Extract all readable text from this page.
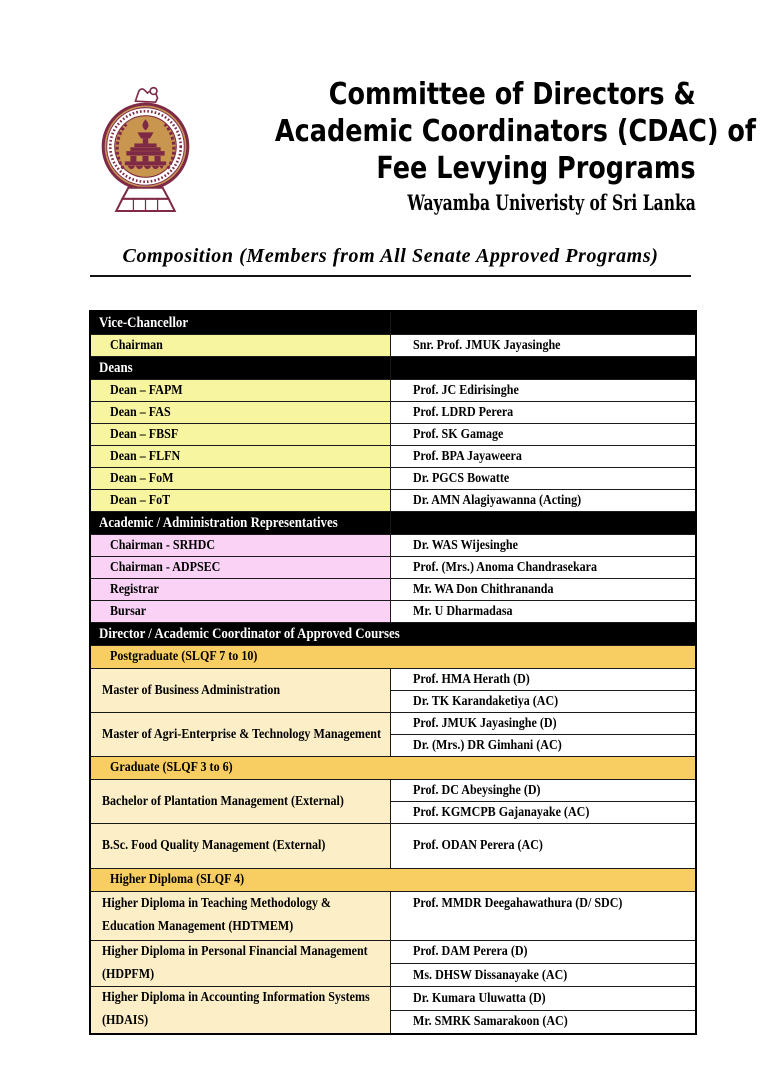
Committee of Directors &
Academic Coordinators (CDAC) of
Fee Levying Programs
Wayamba Univeristy of Sri Lanka
Composition (Members from All Senate Approved Programs)
Vice-Chancellor	

Chairman	Snr. Prof. JMUK Jayasinghe

Deans	

Dean – FAPM	Prof. JC Edirisinghe

Dean – FAS	Prof. LDRD Perera

Dean – FBSF	Prof. SK Gamage

Dean – FLFN	Prof. BPA Jayaweera

Dean – FoM	Dr. PGCS Bowatte

Dean – FoT	Dr. AMN Alagiyawanna (Acting)

Academic / Administration Representatives	

Chairman - SRHDC	Dr. WAS Wijesinghe

Chairman - ADPSEC	Prof. (Mrs.) Anoma Chandrasekara

Registrar	Mr. WA Don Chithrananda

Bursar	Mr. U Dharmadasa

Director / Academic Coordinator of Approved Courses	

Postgraduate (SLQF 7 to 10)	

Master of Business Administration	Prof. HMA Herath (D)

	Dr. TK Karandaketiya (AC)

Master of Agri-Enterprise & Technology Management	Prof. JMUK Jayasinghe (D)

	Dr. (Mrs.) DR Gimhani (AC)

Graduate (SLQF 3 to 6)	

Bachelor of Plantation Management (External)	Prof. DC Abeysinghe (D)

	Prof. KGMCPB Gajanayake (AC)

B.Sc. Food Quality Management (External)	Prof. ODAN Perera (AC)

Higher Diploma (SLQF 4)	

Higher Diploma in Teaching Methodology & Education Management (HDTMEM)	Prof. MMDR Deegahawathura (D/ SDC)

Higher Diploma in Personal Financial Management (HDPFM)	Prof. DAM Perera (D)

	Ms. DHSW Dissanayake (AC)

Higher Diploma in Accounting Information Systems (HDAIS)	Dr. Kumara Uluwatta (D)

	Mr. SMRK Samarakoon (AC)
